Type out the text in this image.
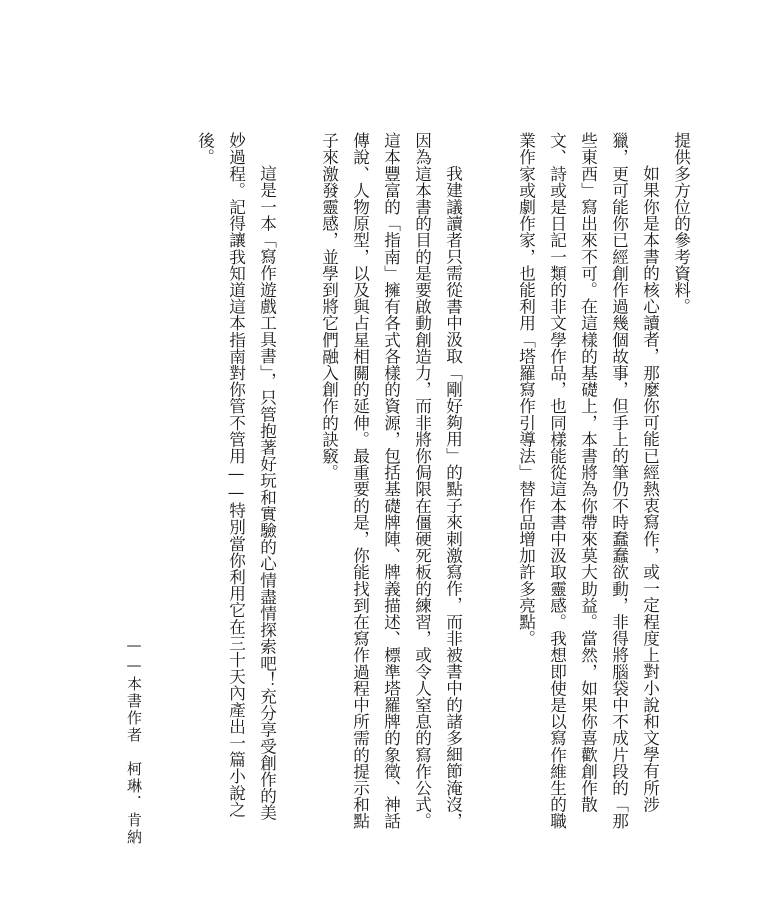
提供多方位的參考資料。
如果你是本書的核心讀者，那麼你可能已經熱衷寫作，或一定程度上對小說和文學有所涉
獵，更可能你已經創作過幾個故事，但手上的筆仍不時蠢蠢欲動，非得將腦袋中不成片段的「那
些東西」寫出來不可。在這樣的基礎上，本書將為你帶來莫大助益。當然，如果你喜歡創作散
文、詩或是日記一類的非文學作品，也同樣能從這本書中汲取靈感。我想即使是以寫作維生的職
業作家或劇作家，也能利用「塔羅寫作引導法」替作品增加許多亮點。
我建議讀者只需從書中汲取「剛好夠用」的點子來刺激寫作，而非被書中的諸多細節淹沒，
因為這本書的目的是要啟動創造力，而非將你侷限在僵硬死板的練習，或令人窒息的寫作公式。
這本豐富的「指南」擁有各式各樣的資源，包括基礎牌陣、牌義描述、標準塔羅牌的象徵、神話
傳說、人物原型，以及與占星相關的延伸。最重要的是，你能找到在寫作過程中所需的提示和點
子來激發靈感，並學到將它們融入創作的訣竅。
這是一本「寫作遊戲工具書」，只管抱著好玩和實驗的心情盡情探索吧！充分享受創作的美
妙過程。記得讓我知道這本指南對你管不管用——特別當你利用它在三十天內產出一篇小說之
後。
——本書作者　柯琳．肯納
